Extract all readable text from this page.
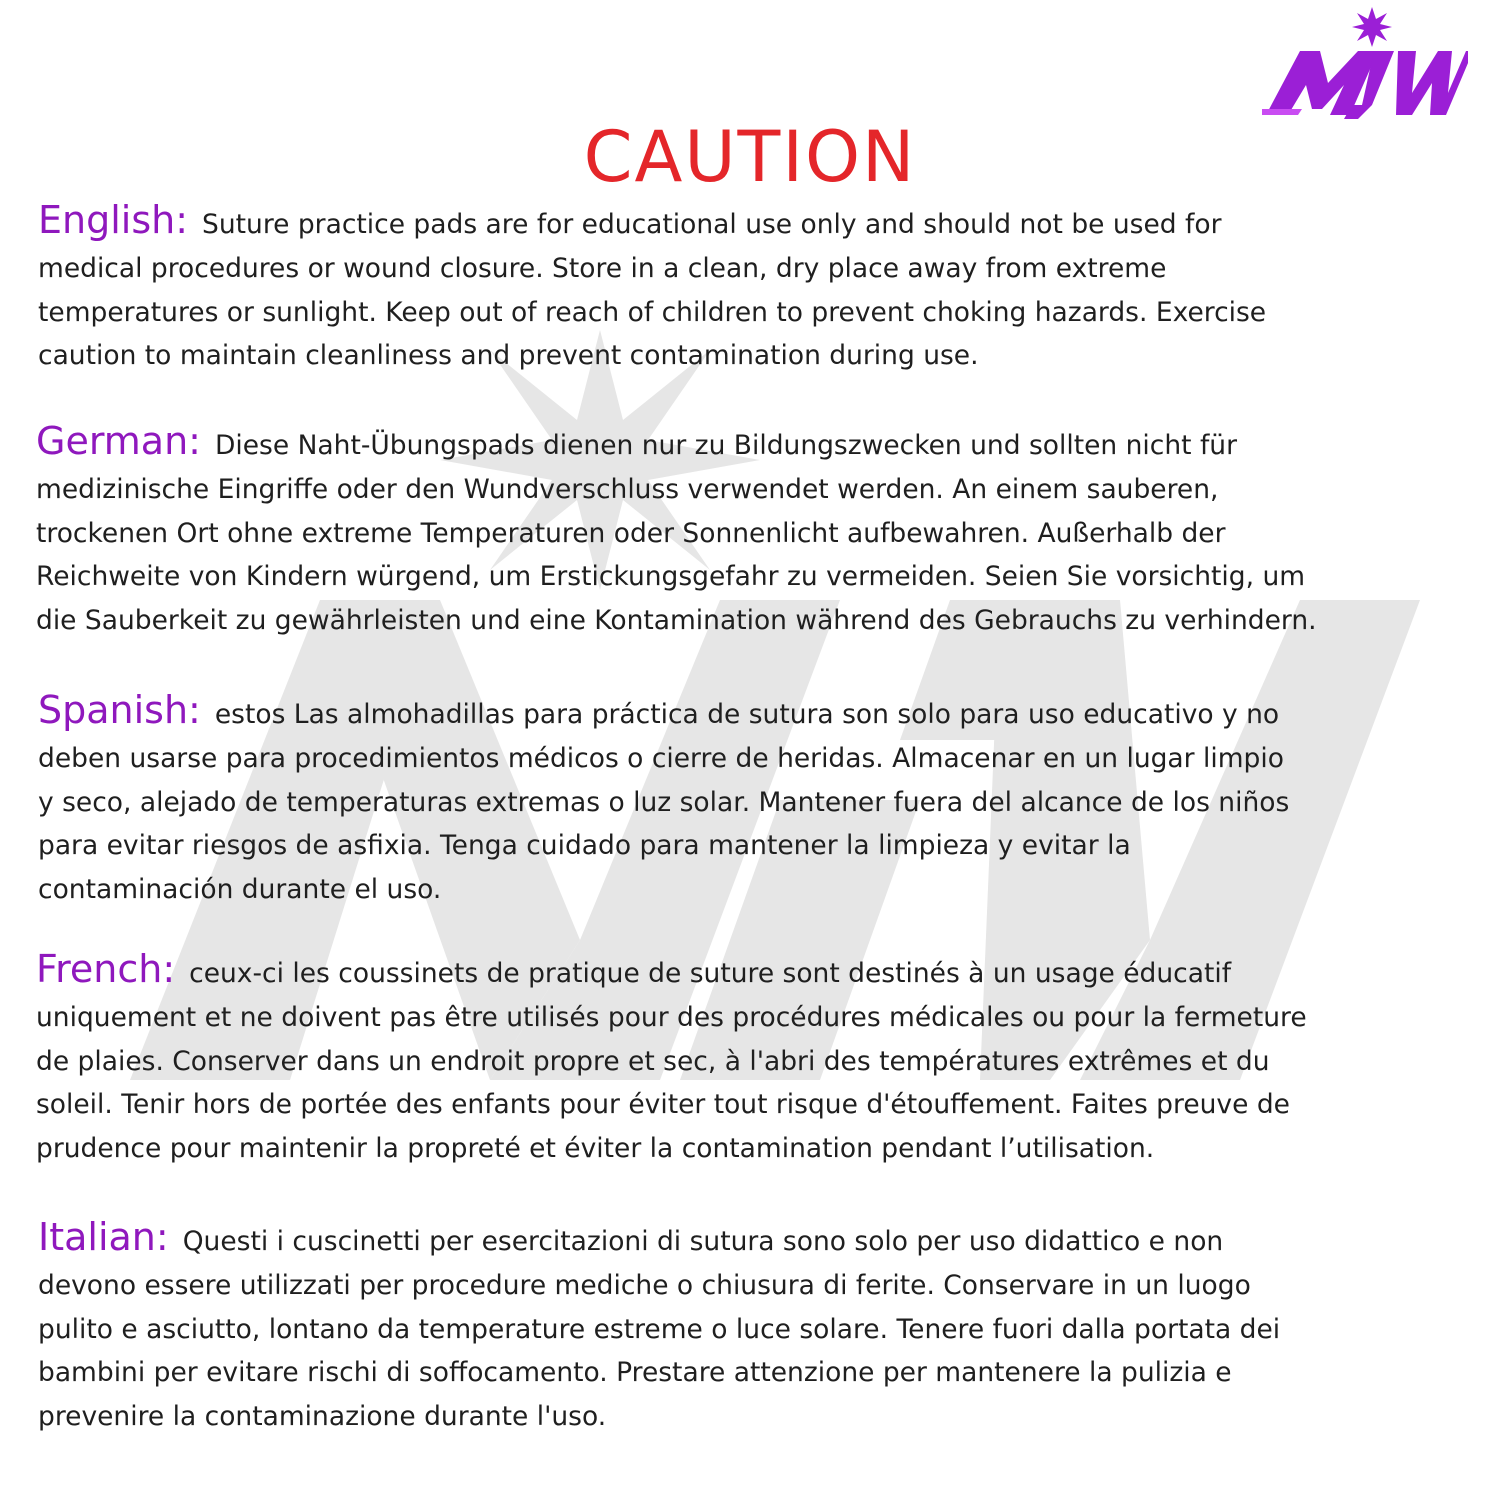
CAUTION

English: Suture practice pads are for educational use only and should not be used for
medical procedures or wound closure. Store in a clean, dry place away from extreme
temperatures or sunlight. Keep out of reach of children to prevent choking hazards. Exercise
caution to maintain cleanliness and prevent contamination during use.

German: Diese Naht-Übungspads dienen nur zu Bildungszwecken und sollten nicht für
medizinische Eingriffe oder den Wundverschluss verwendet werden. An einem sauberen,
trockenen Ort ohne extreme Temperaturen oder Sonnenlicht aufbewahren. Außerhalb der
Reichweite von Kindern würgend, um Erstickungsgefahr zu vermeiden. Seien Sie vorsichtig, um
die Sauberkeit zu gewährleisten und eine Kontamination während des Gebrauchs zu verhindern.

Spanish: estos Las almohadillas para práctica de sutura son solo para uso educativo y no
deben usarse para procedimientos médicos o cierre de heridas. Almacenar en un lugar limpio
y seco, alejado de temperaturas extremas o luz solar. Mantener fuera del alcance de los niños
para evitar riesgos de asfixia. Tenga cuidado para mantener la limpieza y evitar la
contaminación durante el uso.

French: ceux-ci les coussinets de pratique de suture sont destinés à un usage éducatif
uniquement et ne doivent pas être utilisés pour des procédures médicales ou pour la fermeture
de plaies. Conserver dans un endroit propre et sec, à l'abri des températures extrêmes et du
soleil. Tenir hors de portée des enfants pour éviter tout risque d'étouffement. Faites preuve de
prudence pour maintenir la propreté et éviter la contamination pendant l’utilisation.

Italian: Questi i cuscinetti per esercitazioni di sutura sono solo per uso didattico e non
devono essere utilizzati per procedure mediche o chiusura di ferite. Conservare in un luogo
pulito e asciutto, lontano da temperature estreme o luce solare. Tenere fuori dalla portata dei
bambini per evitare rischi di soffocamento. Prestare attenzione per mantenere la pulizia e
prevenire la contaminazione durante l'uso.
